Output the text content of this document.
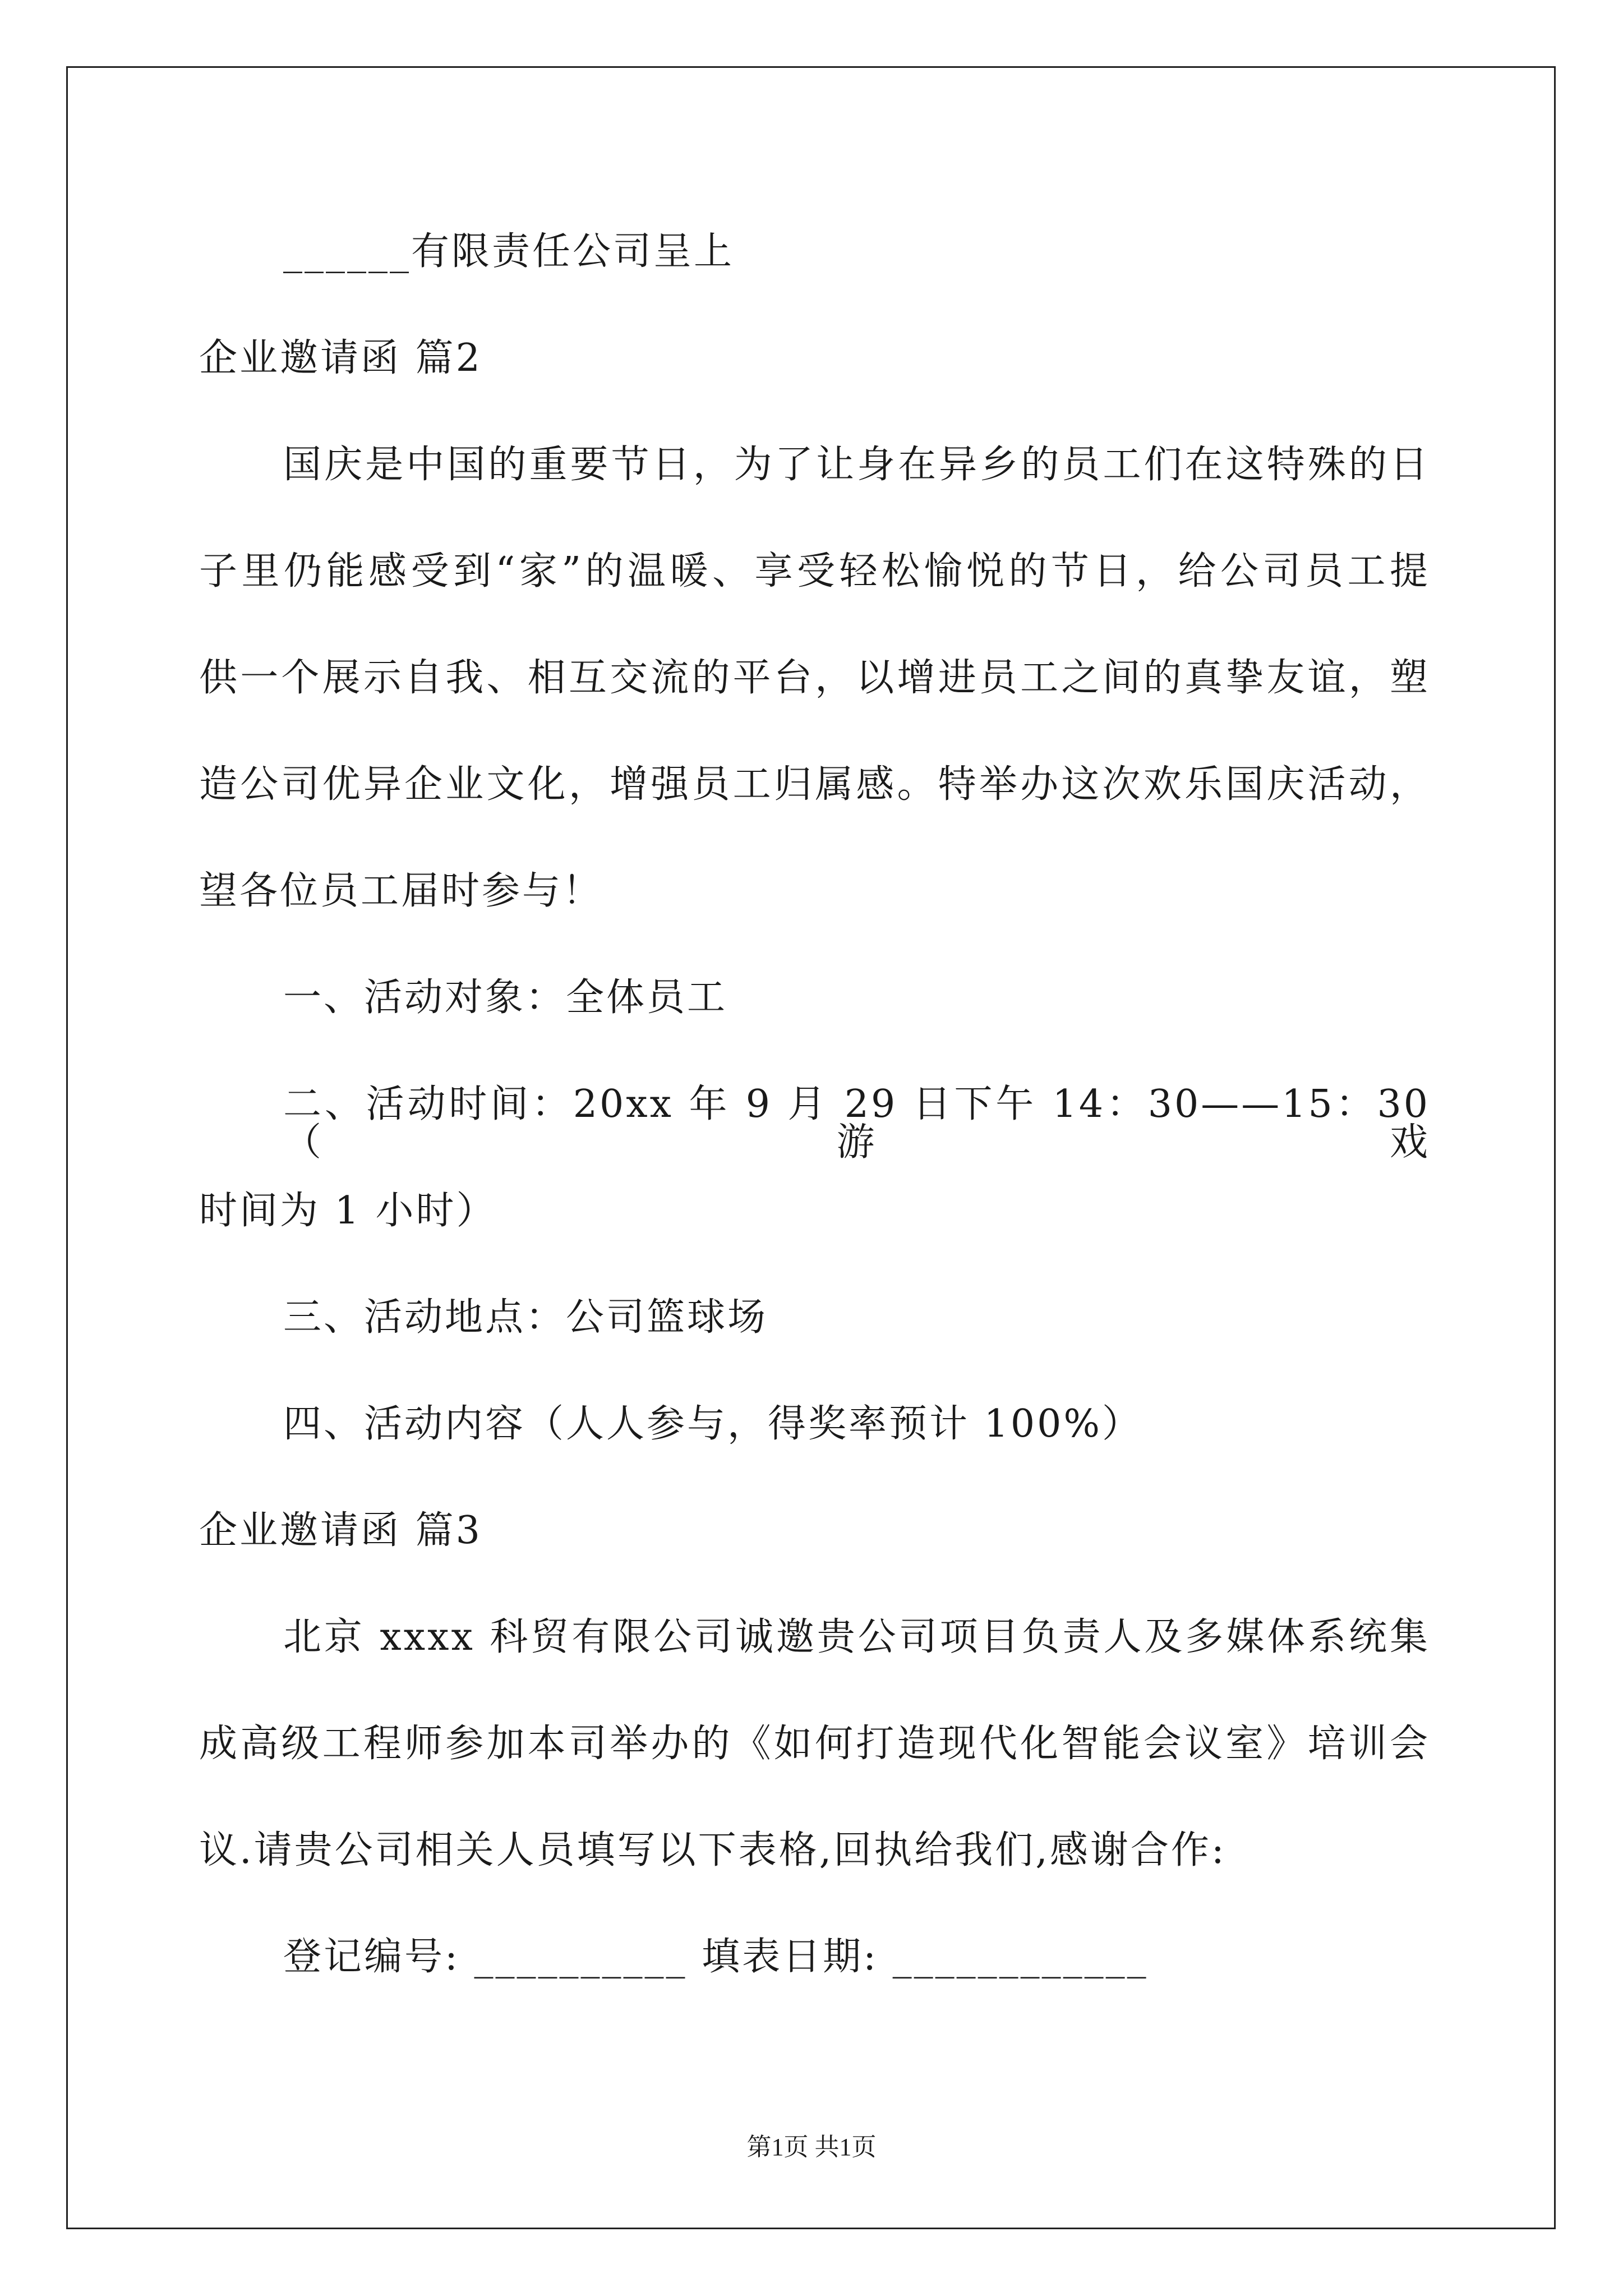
______有限责任公司呈上
企业邀请函 篇2
国庆是中国的重要节日，为了让身在异乡的员工们在这特殊的日
子里仍能感受到“家”的温暖、享受轻松愉悦的节日，给公司员工提
供一个展示自我、相互交流的平台，以增进员工之间的真挚友谊，塑
造公司优异企业文化，增强员工归属感。特举办这次欢乐国庆活动，
望各位员工届时参与！
一、活动对象：全体员工
二、活动时间：20xx 年 9 月 29 日下午 14：30——15：30（游戏
时间为 1 小时）
三、活动地点：公司篮球场
四、活动内容（人人参与，得奖率预计 100%）
企业邀请函 篇3
北京 xxxx 科贸有限公司诚邀贵公司项目负责人及多媒体系统集
成高级工程师参加本司举办的《如何打造现代化智能会议室》培训会
议.请贵公司相关人员填写以下表格,回执给我们,感谢合作:
登记编号: __________ 填表日期: ____________
第1页 共1页
